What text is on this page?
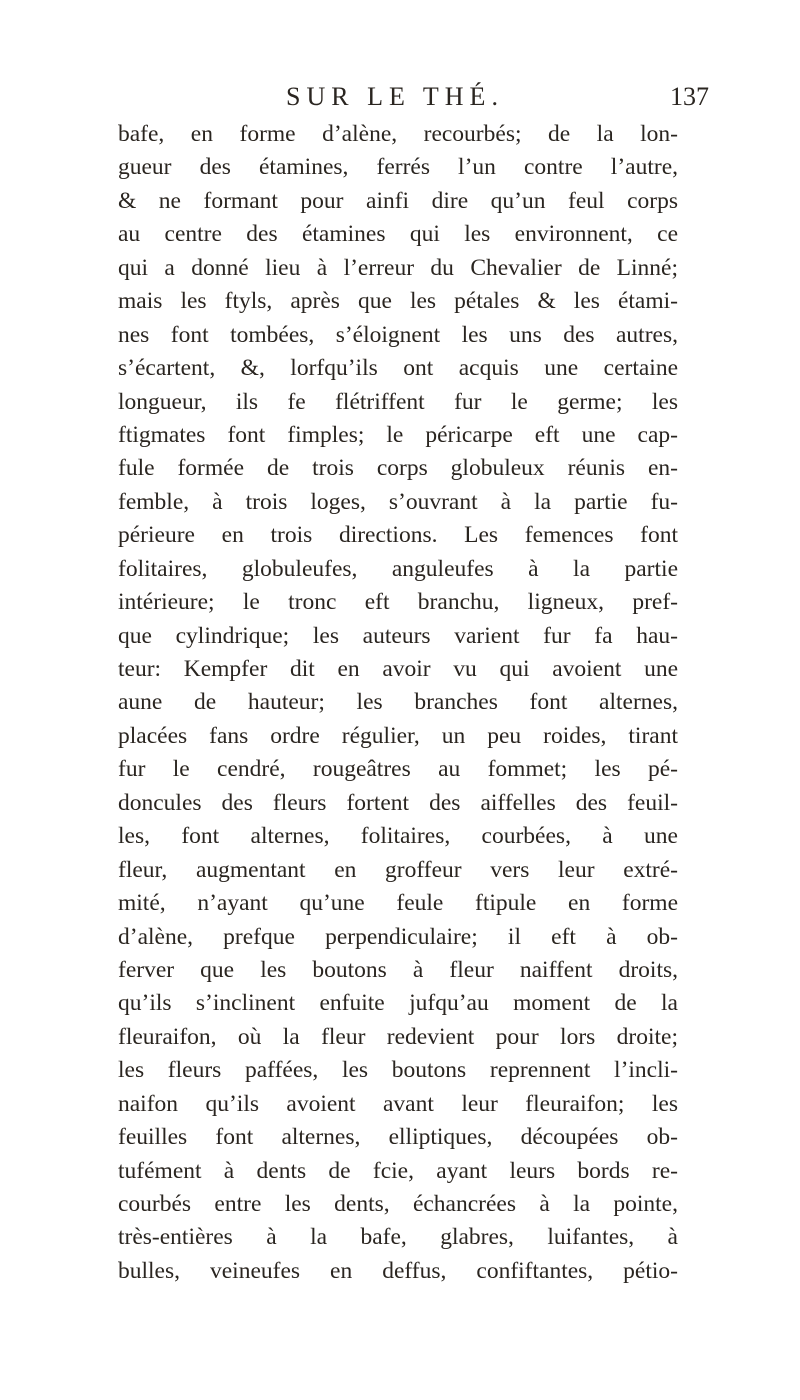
SUR LE THÉ.	137
bafe, en forme d’alène, recourbés; de la lon-
gueur des étamines, ferrés l’un contre l’autre,
& ne formant pour ainfi dire qu’un feul corps
au centre des étamines qui les environnent, ce
qui a donné lieu à l’erreur du Chevalier de Linné;
mais les ftyls, après que les pétales & les étami-
nes font tombées, s’éloignent les uns des autres,
s’écartent, &, lorfqu’ils ont acquis une certaine
longueur, ils fe flétriffent fur le germe; les
ftigmates font fimples; le péricarpe eft une cap-
fule formée de trois corps globuleux réunis en-
femble, à trois loges, s’ouvrant à la partie fu-
périeure en trois directions. Les femences font
folitaires, globuleufes, anguleufes à la partie
intérieure; le tronc eft branchu, ligneux, pref-
que cylindrique; les auteurs varient fur fa hau-
teur: Kempfer dit en avoir vu qui avoient une
aune de hauteur; les branches font alternes,
placées fans ordre régulier, un peu roides, tirant
fur le cendré, rougeâtres au fommet; les pé-
doncules des fleurs fortent des aiffelles des feuil-
les, font alternes, folitaires, courbées, à une
fleur, augmentant en groffeur vers leur extré-
mité, n’ayant qu’une feule ftipule en forme
d’alène, prefque perpendiculaire; il eft à ob-
ferver que les boutons à fleur naiffent droits,
qu’ils s’inclinent enfuite jufqu’au moment de la
fleuraifon, où la fleur redevient pour lors droite;
les fleurs paffées, les boutons reprennent l’incli-
naifon qu’ils avoient avant leur fleuraifon; les
feuilles font alternes, elliptiques, découpées ob-
tufément à dents de fcie, ayant leurs bords re-
courbés entre les dents, échancrées à la pointe,
très-entières à la bafe, glabres, luifantes, à
bulles, veineufes en deffus, confiftantes, pétio-
